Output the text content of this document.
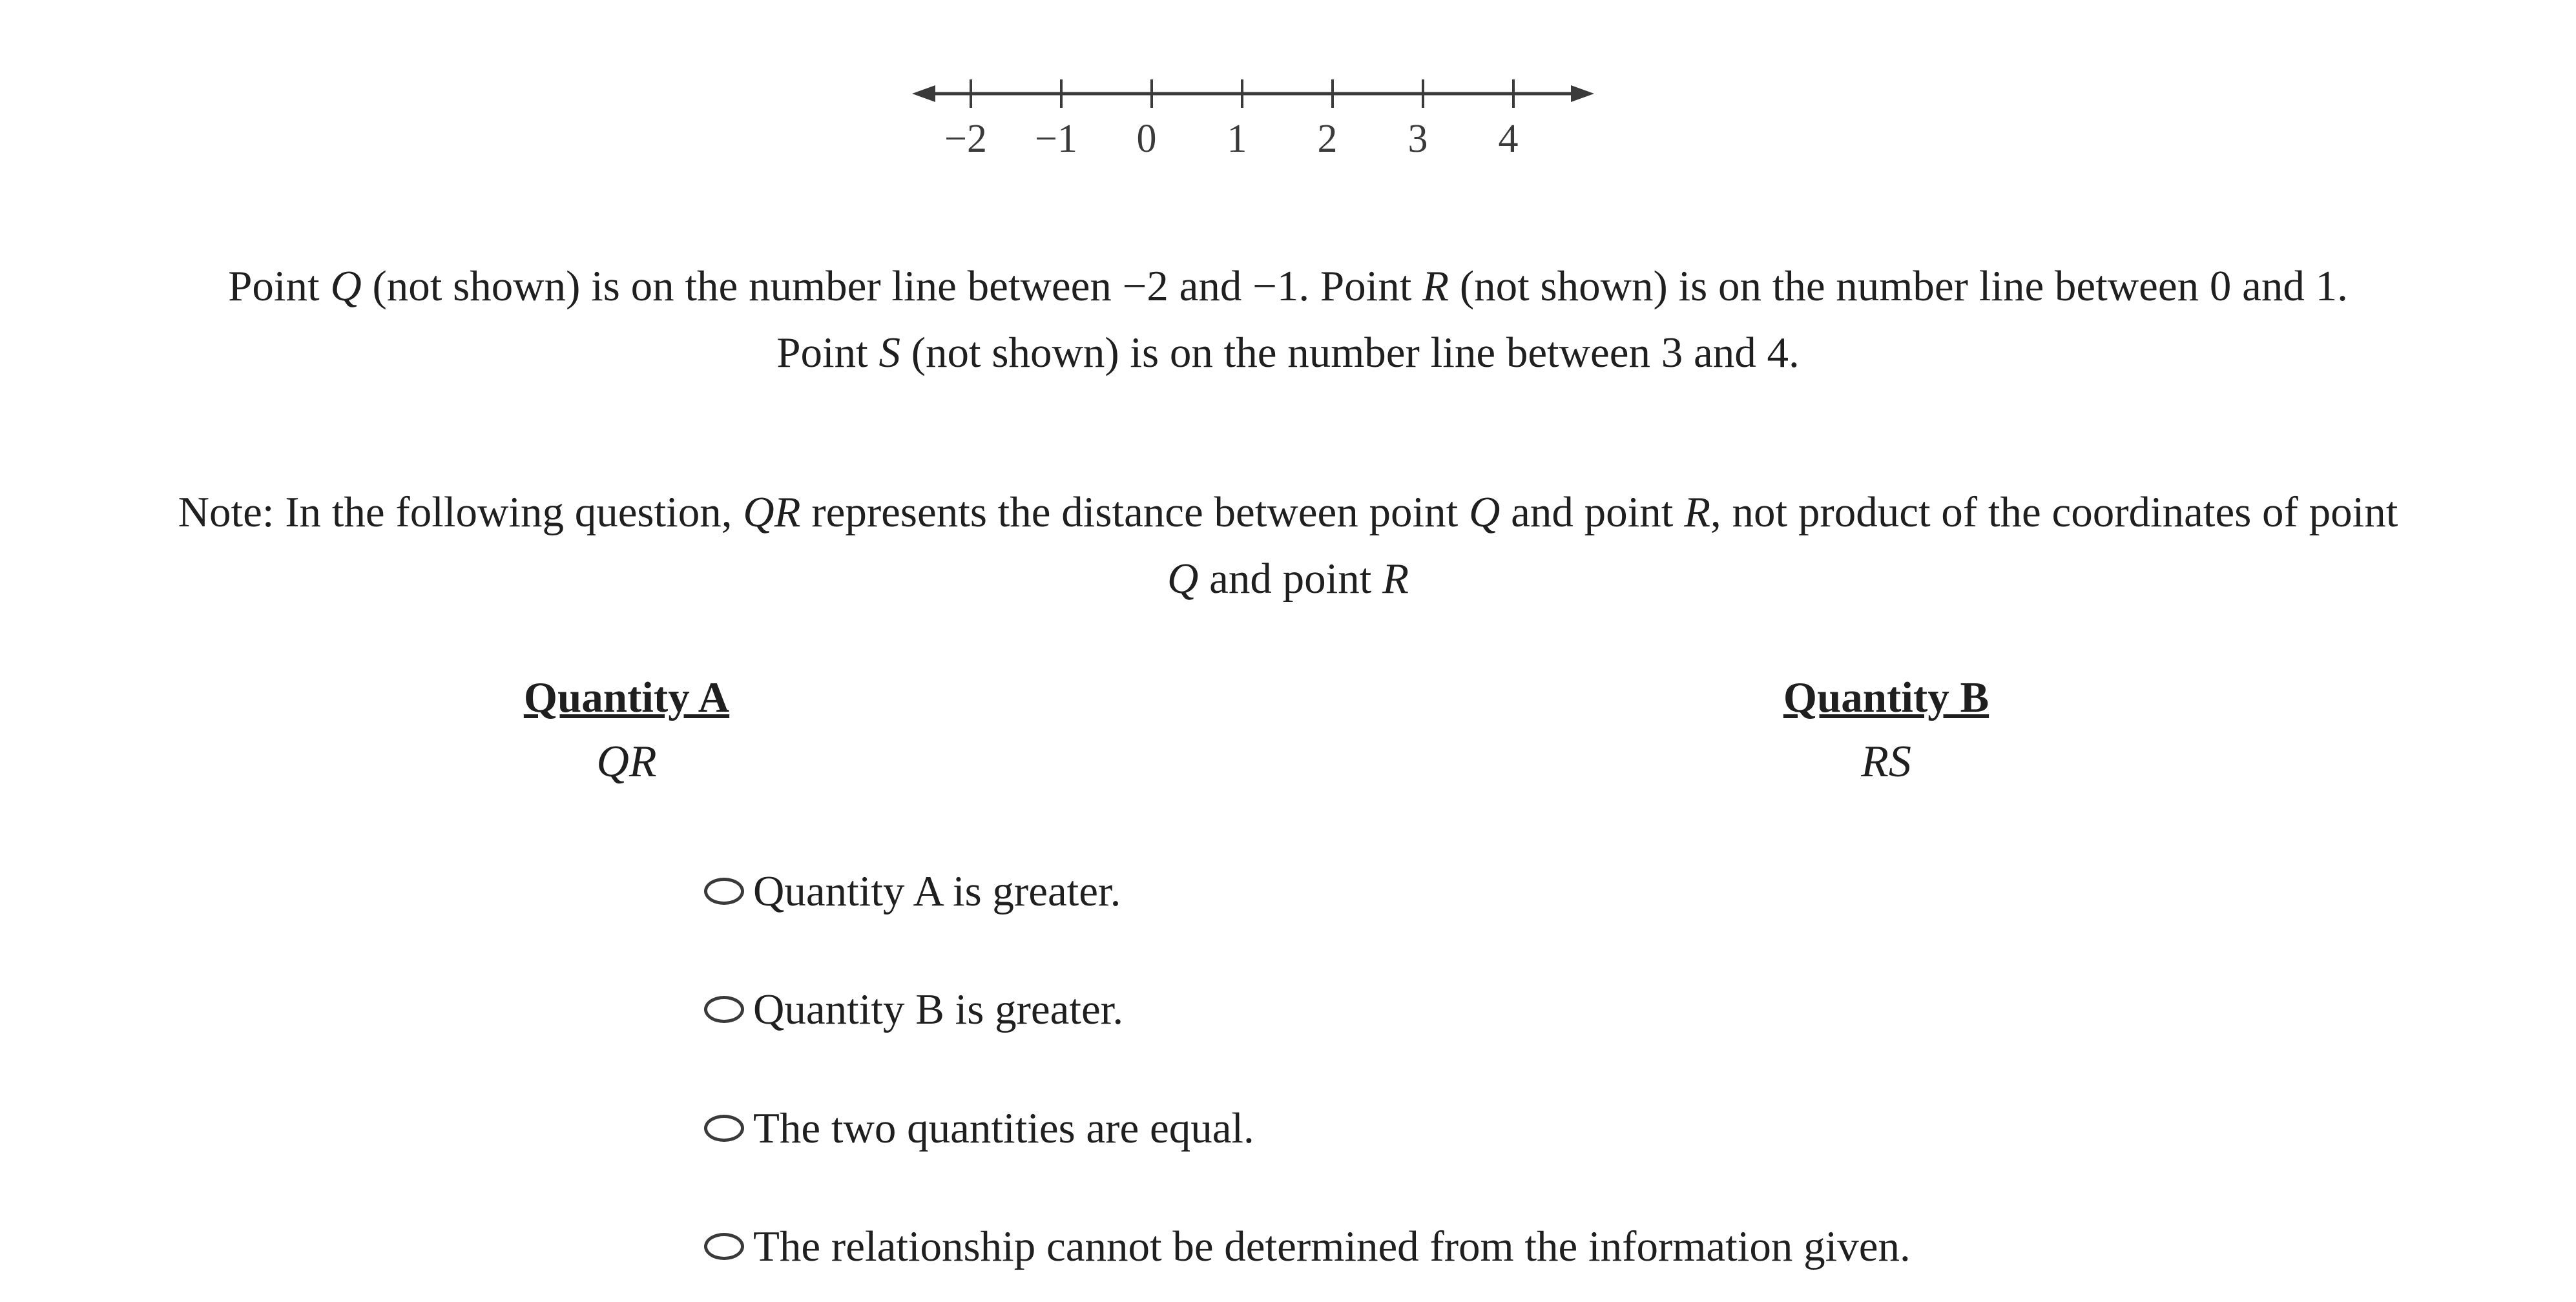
−2 −1 0 1 2 3 4
Point Q (not shown) is on the number line between −2 and −1. Point R (not shown) is on the number line between 0 and 1.
Point S (not shown) is on the number line between 3 and 4.
Note: In the following question, QR represents the distance between point Q and point R, not product of the coordinates of point
Q and point R
Quantity A
QR
Quantity B
RS
Quantity A is greater.
Quantity B is greater.
The two quantities are equal.
The relationship cannot be determined from the information given.
